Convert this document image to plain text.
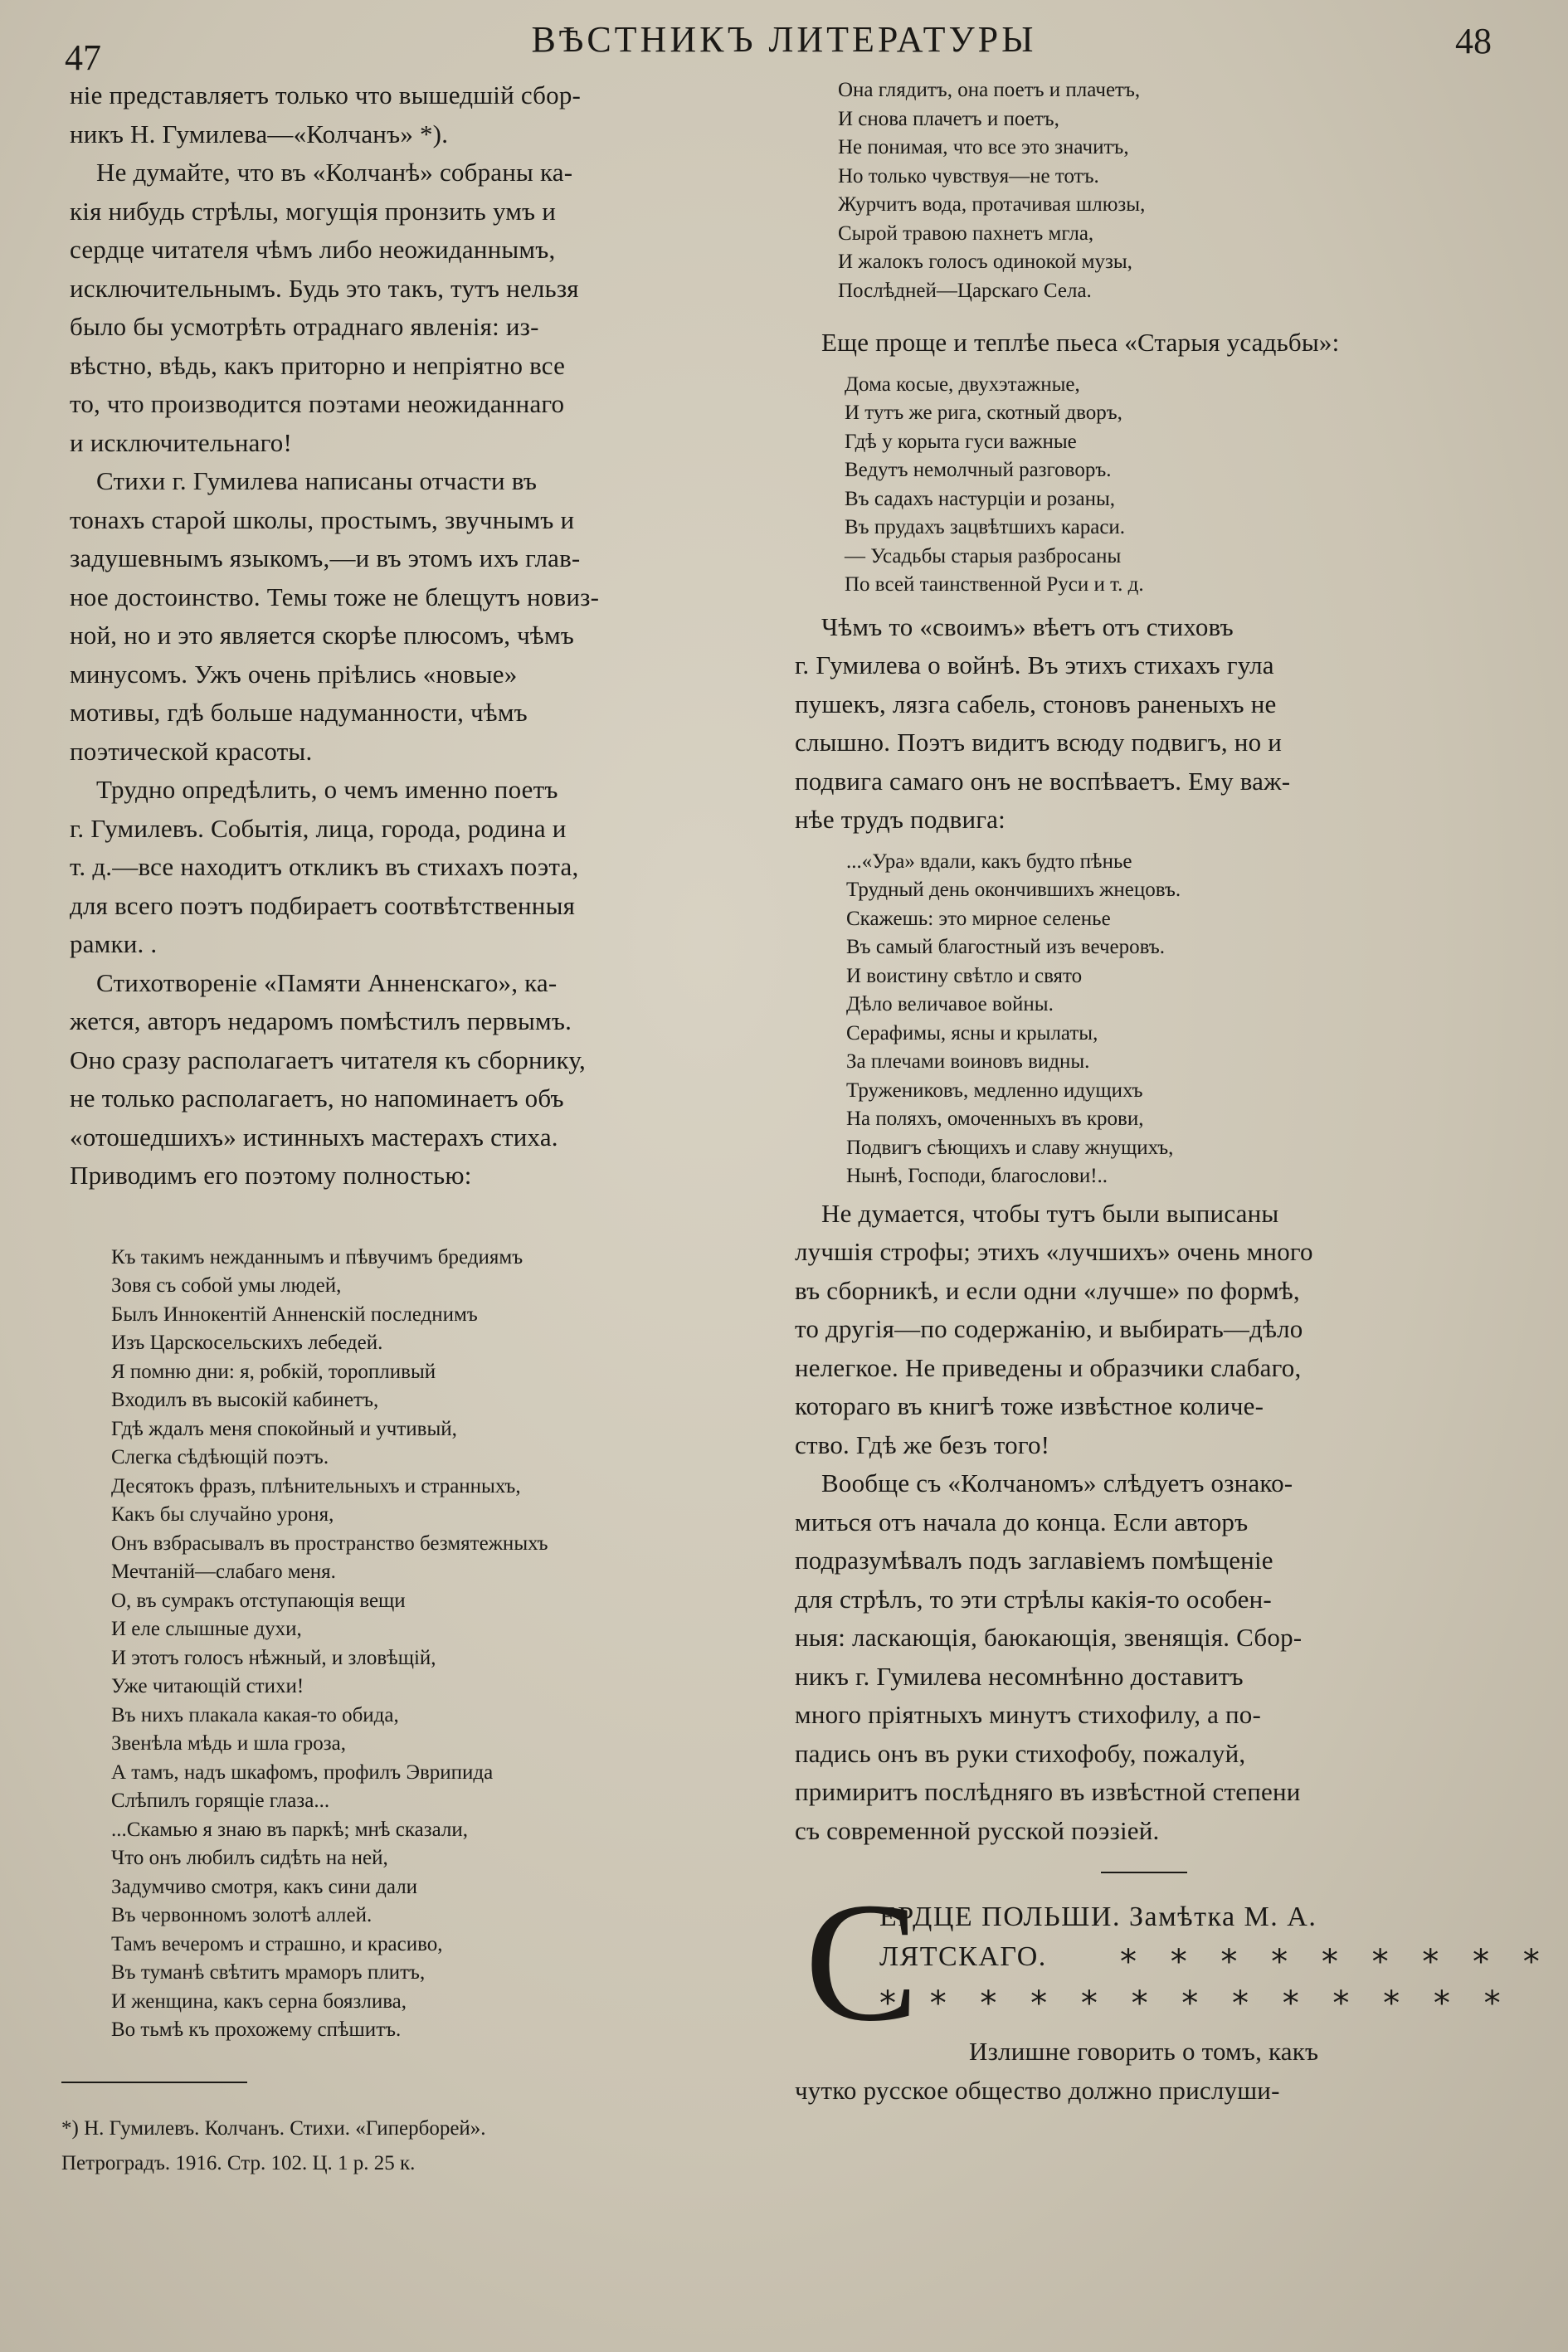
47	ВѢСТНИКЪ ЛИТЕРАТУРЫ	48

ніе представляетъ только что вышедшій сбор-
никъ Н. Гумилева—«Колчанъ» *).

Не думайте, что въ «Колчанѣ» собраны ка-
кія нибудь стрѣлы, могущія пронзить умъ и
сердце читателя чѣмъ либо неожиданнымъ,
исключительнымъ. Будь это такъ, тутъ нельзя
было бы усмотрѣть отраднаго явленія: из-
вѣстно, вѣдь, какъ приторно и непріятно все
то, что производится поэтами неожиданнаго
и исключительнаго!

Стихи г. Гумилева написаны отчасти въ
тонахъ старой школы, простымъ, звучнымъ и
задушевнымъ языкомъ,—и въ этомъ ихъ глав-
ное достоинство. Темы тоже не блещутъ новиз-
ной, но и это является скорѣе плюсомъ, чѣмъ
минусомъ. Ужъ очень пріѣлись «новые»
мотивы, гдѣ больше надуманности, чѣмъ
поэтической красоты.

Трудно опредѣлить, о чемъ именно поетъ
г. Гумилевъ. Событія, лица, города, родина и
т. д.—все находитъ откликъ въ стихахъ поэта,
для всего поэтъ подбираетъ соотвѣтственныя
рамки. .

Стихотвореніе «Памяти Анненскаго», ка-
жется, авторъ недаромъ помѣстилъ первымъ.
Оно сразу располагаетъ читателя къ сборнику,
не только располагаетъ, но напоминаетъ объ
«отошедшихъ» истинныхъ мастерахъ стиха.
Приводимъ его поэтому полностью:

Къ такимъ нежданнымъ и пѣвучимъ бредиямъ
Зовя съ собой умы людей,
Былъ Иннокентій Анненскій последнимъ
Изъ Царскосельскихъ лебедей.
Я помню дни: я, робкій, торопливый
Входилъ въ высокій кабинетъ,
Гдѣ ждалъ меня спокойный и учтивый,
Слегка сѣдѣющій поэтъ.
Десятокъ фразъ, плѣнительныхъ и странныхъ,
Какъ бы случайно уроня,
Онъ взбрасывалъ въ пространство безмятежныхъ
Мечтаній—слабаго меня.
О, въ сумракъ отступающія вещи
И еле слышные духи,
И этотъ голосъ нѣжный, и зловѣщій,
Уже читающій стихи!
Въ нихъ плакала какая-то обида,
Звенѣла мѣдь и шла гроза,
А тамъ, надъ шкафомъ, профилъ Эврипида
Слѣпилъ горящіе глаза...
...Скамью я знаю въ паркѣ; мнѣ сказали,
Что онъ любилъ сидѣть на ней,
Задумчиво смотря, какъ сини дали
Въ червонномъ золотѣ аллей.
Тамъ вечеромъ и страшно, и красиво,
Въ туманѣ свѣтитъ мраморъ плитъ,
И женщина, какъ серна боязлива,
Во тьмѣ къ прохожему спѣшитъ.
*) Н. Гумилевъ. Колчанъ. Стихи. «Гиперборей».
Петроградъ. 1916. Стр. 102. Ц. 1 р. 25 к.
Она глядитъ, она поетъ и плачетъ,
И снова плачетъ и поетъ,
Не понимая, что все это значитъ,
Но только чувствуя—не тотъ.
Журчитъ вода, протачивая шлюзы,
Сырой травою пахнетъ мгла,
И жалокъ голосъ одинокой музы,
Послѣдней—Царскаго Села.

Еще проще и теплѣе пьеса «Старыя усадьбы»:

Дома косые, двухэтажные,
И тутъ же рига, скотный дворъ,
Гдѣ у корыта гуси важные
Ведутъ немолчный разговоръ.
Въ садахъ настурціи и розаны,
Въ прудахъ зацвѣтшихъ караси.
— Усадьбы старыя разбросаны
По всей таинственной Руси и т. д.

Чѣмъ то «своимъ» вѣетъ отъ стиховъ
г. Гумилева о войнѣ. Въ этихъ стихахъ гула
пушекъ, лязга сабель, стоновъ раненыхъ не
слышно. Поэтъ видитъ всюду подвигъ, но и
подвига самаго онъ не воспѣваетъ. Ему важ-
нѣе трудъ подвига:

...«Ура» вдали, какъ будто пѣнье
Трудный день окончившихъ жнецовъ.
Скажешь: это мирное селенье
Въ самый благостный изъ вечеровъ.
И воистину свѣтло и свято
Дѣло величавое войны.
Серафимы, ясны и крылаты,
За плечами воиновъ видны.
Тружениковъ, медленно идущихъ
На поляхъ, омоченныхъ въ крови,
Подвигъ сѣющихъ и славу жнущихъ,
Нынѣ, Господи, благослови!..

Не думается, чтобы тутъ были выписаны
лучшія строфы; этихъ «лучшихъ» очень много
въ сборникѣ, и если одни «лучше» по формѣ,
то другія—по содержанію, и выбирать—дѣло
нелегкое. Не приведены и образчики слабаго,
котораго въ книгѣ тоже извѣстное количе-
ство. Гдѣ же безъ того!

Вообще съ «Колчаномъ» слѣдуетъ ознако-
миться отъ начала до конца. Если авторъ
подразумѣвалъ подъ заглавіемъ помѣщеніе
для стрѣлъ, то эти стрѣлы какія-то особен-
ныя: ласкающія, баюкающія, звенящія. Сбор-
никъ г. Гумилева несомнѣнно доставитъ
много пріятныхъ минутъ стихофилу, а по-
падись онъ въ руки стихофобу, пожалуй,
примиритъ послѣдняго въ извѣстной степени
съ современной русской поэзіей.

С
ЕРДЦЕ ПОЛЬШИ. Замѣтка М. А.
ЛЯТСКАГО. * * * * * * * * *
* * * * * * * * * * * * *

Излишне говорить о томъ, какъ
чутко русское общество должно прислуши-
